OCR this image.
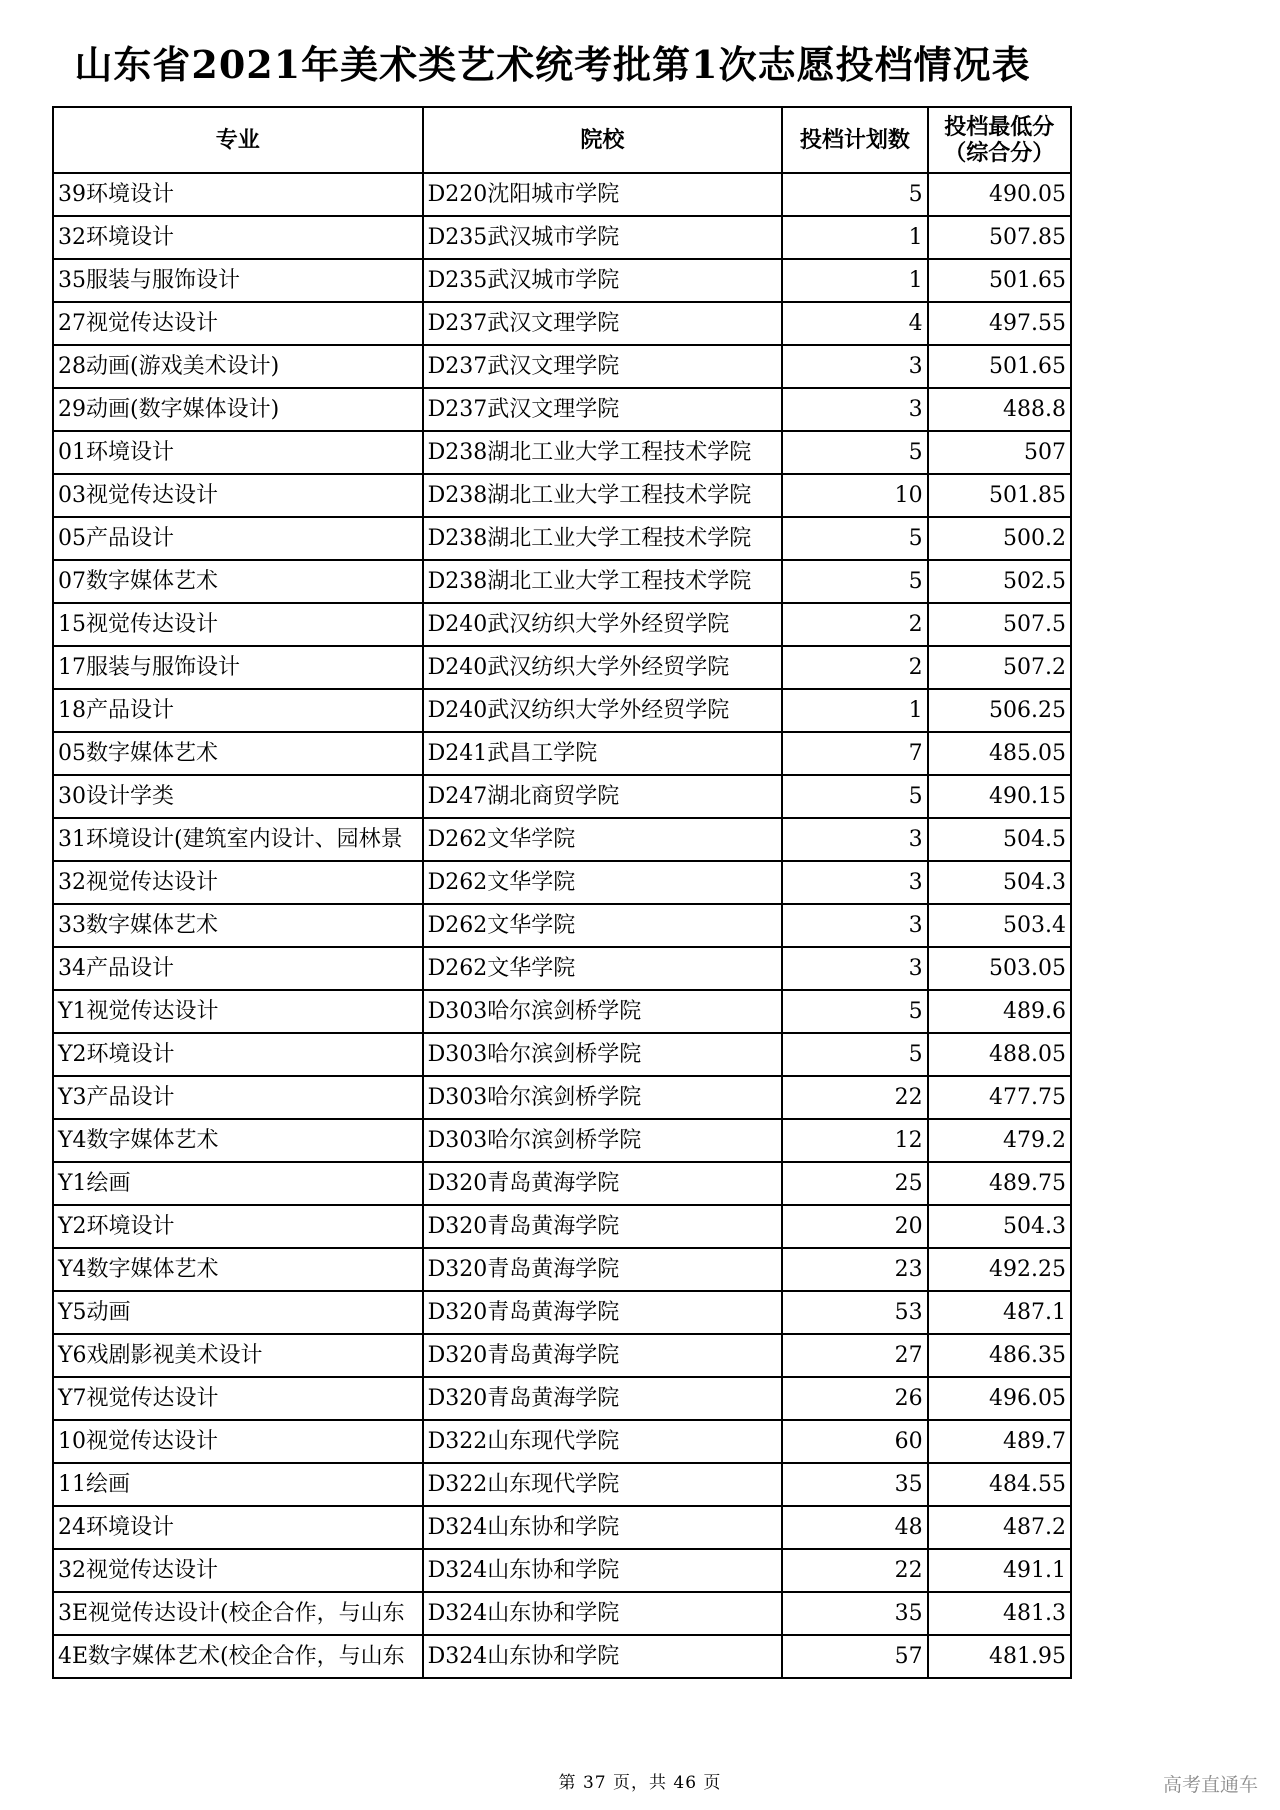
山东省2021年美术类艺术统考批第1次志愿投档情况表
专业	院校	投档计划数	投档最低分
（综合分）

39环境设计	D220沈阳城市学院	5	490.05
32环境设计	D235武汉城市学院	1	507.85
35服装与服饰设计	D235武汉城市学院	1	501.65
27视觉传达设计	D237武汉文理学院	4	497.55
28动画(游戏美术设计)	D237武汉文理学院	3	501.65
29动画(数字媒体设计)	D237武汉文理学院	3	488.8
01环境设计	D238湖北工业大学工程技术学院	5	507
03视觉传达设计	D238湖北工业大学工程技术学院	10	501.85
05产品设计	D238湖北工业大学工程技术学院	5	500.2
07数字媒体艺术	D238湖北工业大学工程技术学院	5	502.5
15视觉传达设计	D240武汉纺织大学外经贸学院	2	507.5
17服装与服饰设计	D240武汉纺织大学外经贸学院	2	507.2
18产品设计	D240武汉纺织大学外经贸学院	1	506.25
05数字媒体艺术	D241武昌工学院	7	485.05
30设计学类	D247湖北商贸学院	5	490.15
31环境设计(建筑室内设计、园林景	D262文华学院	3	504.5
32视觉传达设计	D262文华学院	3	504.3
33数字媒体艺术	D262文华学院	3	503.4
34产品设计	D262文华学院	3	503.05
Y1视觉传达设计	D303哈尔滨剑桥学院	5	489.6
Y2环境设计	D303哈尔滨剑桥学院	5	488.05
Y3产品设计	D303哈尔滨剑桥学院	22	477.75
Y4数字媒体艺术	D303哈尔滨剑桥学院	12	479.2
Y1绘画	D320青岛黄海学院	25	489.75
Y2环境设计	D320青岛黄海学院	20	504.3
Y4数字媒体艺术	D320青岛黄海学院	23	492.25
Y5动画	D320青岛黄海学院	53	487.1
Y6戏剧影视美术设计	D320青岛黄海学院	27	486.35
Y7视觉传达设计	D320青岛黄海学院	26	496.05
10视觉传达设计	D322山东现代学院	60	489.7
11绘画	D322山东现代学院	35	484.55
24环境设计	D324山东协和学院	48	487.2
32视觉传达设计	D324山东协和学院	22	491.1
3E视觉传达设计(校企合作，与山东	D324山东协和学院	35	481.3
4E数字媒体艺术(校企合作，与山东	D324山东协和学院	57	481.95
第 37 页，共 46 页	高考直通车
